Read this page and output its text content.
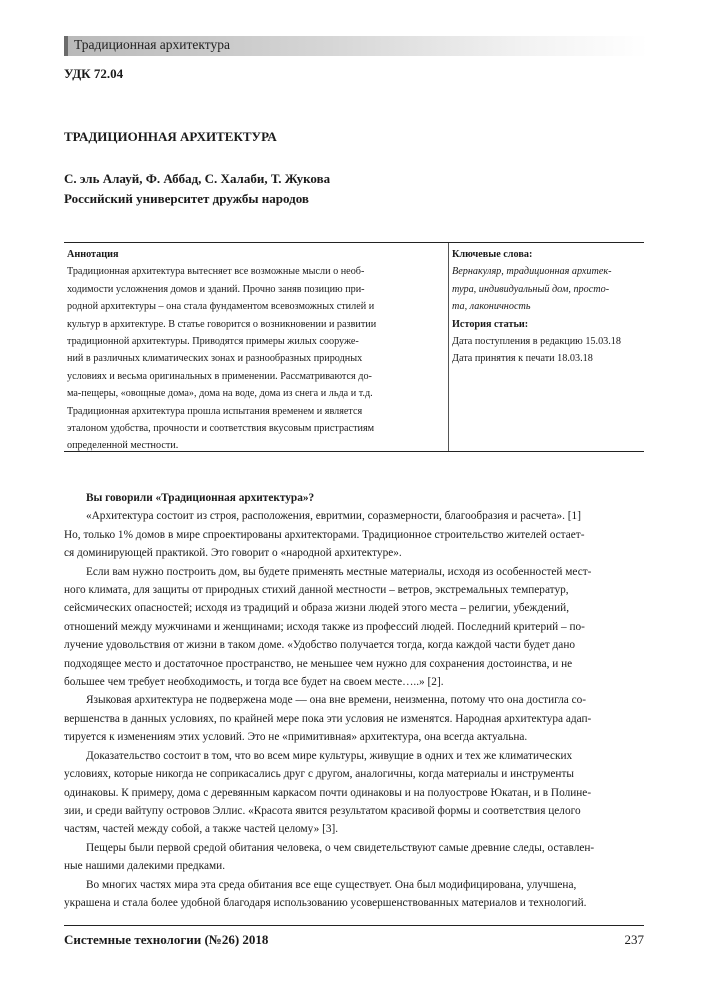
Традиционная архитектура
УДК 72.04
ТРАДИЦИОННАЯ АРХИТЕКТУРА
С. эль Алауй, Ф. Аббад, С. Халаби, Т. Жукова
Российский университет дружбы народов
Аннотация
Традиционная архитектура вытесняет все возможные мысли о необ-
ходимости усложнения домов и зданий. Прочно заняв позицию при-
родной архитектуры – она стала фундаментом всевозможных стилей и
культур в архитектуре. В статье говорится о возникновении и развитии
традиционной архитектуры. Приводятся примеры жилых сооруже-
ний в различных климатических зонах и разнообразных природных
условиях и весьма оригинальных в применении. Рассматриваются до-
ма-пещеры, «овощные дома», дома на воде, дома из снега и льда и т.д.
Традиционная архитектура прошла испытания временем и является
эталоном удобства, прочности и соответствия вкусовым пристрастиям
определенной местности.
Ключевые слова:
Вернакуляр, традиционная архитек-
тура, индивидуальный дом, просто-
та, лаконичность
История статьи:
Дата поступления в редакцию 15.03.18
Дата принятия к печати 18.03.18
Вы говорили «Традиционная архитектура»?
«Архитектура состоит из строя, расположения, евритмии, соразмерности, благообразия и расчета». [1]
Но, только 1% домов в мире спроектированы архитекторами. Традиционное строительство жителей остает-
ся доминирующей практикой. Это говорит о «народной архитектуре».
Если вам нужно построить дом, вы будете применять местные материалы, исходя из особенностей мест-
ного климата, для защиты от природных стихий данной местности – ветров, экстремальных температур,
сейсмических опасностей; исходя из традиций и образа жизни людей этого места – религии, убеждений,
отношений между мужчинами и женщинами; исходя также из профессий людей. Последний критерий – по-
лучение удовольствия от жизни в таком доме. «Удобство получается тогда, когда каждой части будет дано
подходящее место и достаточное пространство, не меньшее чем нужно для сохранения достоинства, и не
большее чем требует необходимость, и тогда все будет на своем месте…..» [2].
Языковая архитектура не подвержена моде — она вне времени, неизменна, потому что она достигла со-
вершенства в данных условиях, по крайней мере пока эти условия не изменятся. Народная архитектура адап-
тируется к изменениям этих условий. Это не «примитивная» архитектура, она всегда актуальна.
Доказательство состоит в том, что во всем мире культуры, живущие в одних и тех же климатических
условиях, которые никогда не соприкасались друг с другом, аналогичны, когда материалы и инструменты
одинаковы. К примеру, дома с деревянным каркасом почти одинаковы и на полуострове Юкатан, и в Полине-
зии, и среди вайтупу островов Эллис. «Красота явится результатом красивой формы и соответствия целого
частям, частей между собой, а также частей целому» [3].
Пещеры были первой средой обитания человека, о чем свидетельствуют самые древние следы, оставлен-
ные нашими далекими предками.
Во многих частях мира эта среда обитания все еще существует. Она был модифицирована, улучшена,
украшена и стала более удобной благодаря использованию усовершенствованных материалов и технологий.
Системные технологии (№26) 2018	237
